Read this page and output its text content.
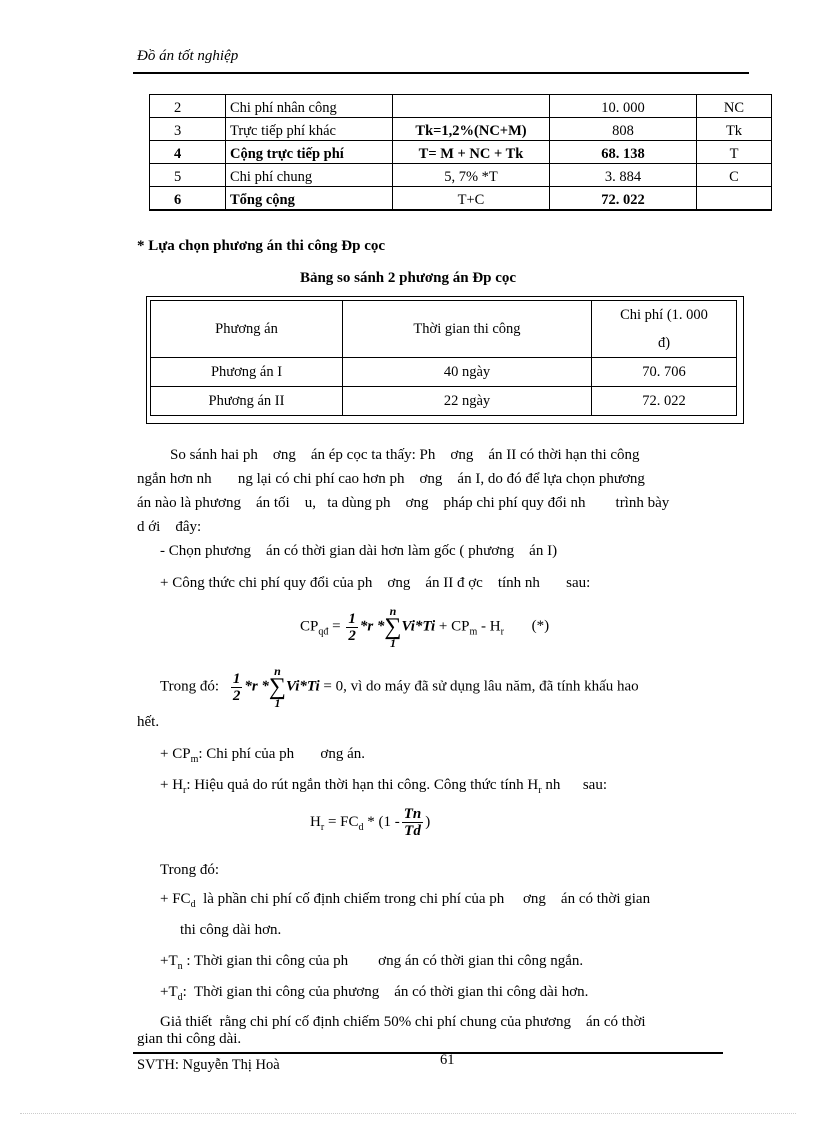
Đồ án tốt nghiệp
2	Chi phí nhân công		10. 000	NC
3	Trực tiếp phí khác	Tk=1,2%(NC+M)	808	Tk
4	Cộng trực tiếp phí	T= M + NC + Tk	68. 138	T
5	Chi phí chung	5, 7% *T	3. 884	C
6	Tổng cộng	T+C	72. 022	
* Lựa chọn phương án thi công Ðp cọc
Bảng so sánh 2 phương án Ðp cọc
Phương án	Thời gian thi công	Chi phí (1. 000
đ)

Phương án I	40 ngày	70. 706
Phương án II	22 ngày	72. 022
So sánh hai ph    ơng    án ép cọc ta thấy: Ph    ơng    án II có thời hạn thi công
ngắn hơn nh       ng lại có chi phí cao hơn ph    ơng    án I, do đó để lựa chọn phương
án nào là phương    án tối    u,   ta dùng ph    ơng    pháp chi phí quy đổi nh        trình bày
d ới    đây:
- Chọn phương    án có thời gian dài hơn làm gốc ( phương    án I)
+ Công thức chi phí quy đổi của ph    ơng    án II đ ợc    tính nh       sau:
$CP_{qđ} = \frac{1}{2} *r$ *n
∑
$1Vi*Ti + CP_m - H_r$ (*)
Trong đó: $\frac{1}{2} *r$ *n
∑
1Vi*Ti = 0, vì do máy đã sử dụng lâu năm, đã tính khấu hao
hết.
+ $CP_m$: Chi phí của ph       ơng án.
+ $H_r$: Hiệu quả do rút ngắn thời hạn thi công. Công thức tính $H_r$ nh      sau:
$H_r = FC_d * (1 - \frac{Tn}{Td}$ )
Trong đó:
+ $FC_d$  là phần chi phí cố định chiếm trong chi phí của ph     ơng    án có thời gian
thi công dài hơn.
$+T_n$ : Thời gian thi công của ph        ơng án có thời gian thi công ngắn.
$+T_d$:  Thời gian thi công của phương    án có thời gian thi công dài hơn.
Giả thiết  rằng chi phí cố định chiếm 50% chi phí chung của phương    án có thời
gian thi công dài.
61
SVTH: Nguyễn Thị Hoà
